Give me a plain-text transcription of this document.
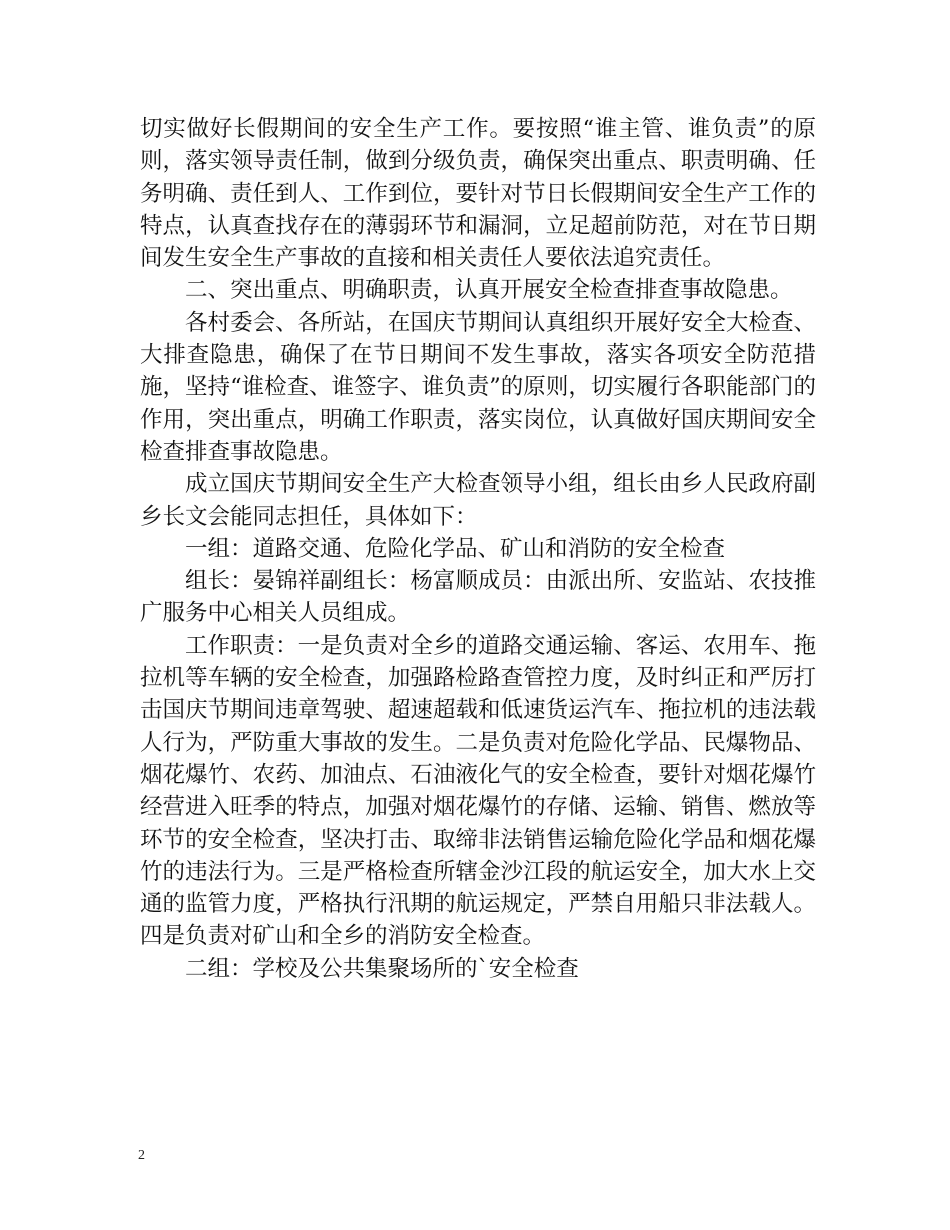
切实做好长假期间的安全生产工作。要按照“谁主管、谁负责”的原则，落实领导责任制，做到分级负责，确保突出重点、职责明确、任务明确、责任到人、工作到位，要针对节日长假期间安全生产工作的特点，认真查找存在的薄弱环节和漏洞，立足超前防范，对在节日期间发生安全生产事故的直接和相关责任人要依法追究责任。

二、突出重点、明确职责，认真开展安全检查排查事故隐患。

各村委会、各所站，在国庆节期间认真组织开展好安全大检查、大排查隐患，确保了在节日期间不发生事故，落实各项安全防范措施，坚持“谁检查、谁签字、谁负责”的原则，切实履行各职能部门的作用，突出重点，明确工作职责，落实岗位，认真做好国庆期间安全检查排查事故隐患。

成立国庆节期间安全生产大检查领导小组，组长由乡人民政府副乡长文会能同志担任，具体如下：

一组：道路交通、危险化学品、矿山和消防的安全检查

组长：晏锦祥副组长：杨富顺成员：由派出所、安监站、农技推广服务中心相关人员组成。

工作职责：一是负责对全乡的道路交通运输、客运、农用车、拖拉机等车辆的安全检查，加强路检路查管控力度，及时纠正和严厉打击国庆节期间违章驾驶、超速超载和低速货运汽车、拖拉机的违法载人行为，严防重大事故的发生。二是负责对危险化学品、民爆物品、烟花爆竹、农药、加油点、石油液化气的安全检查，要针对烟花爆竹经营进入旺季的特点，加强对烟花爆竹的存储、运输、销售、燃放等环节的安全检查，坚决打击、取缔非法销售运输危险化学品和烟花爆竹的违法行为。三是严格检查所辖金沙江段的航运安全，加大水上交通的监管力度，严格执行汛期的航运规定，严禁自用船只非法载人。四是负责对矿山和全乡的消防安全检查。

二组：学校及公共集聚场所的`安全检查

2
